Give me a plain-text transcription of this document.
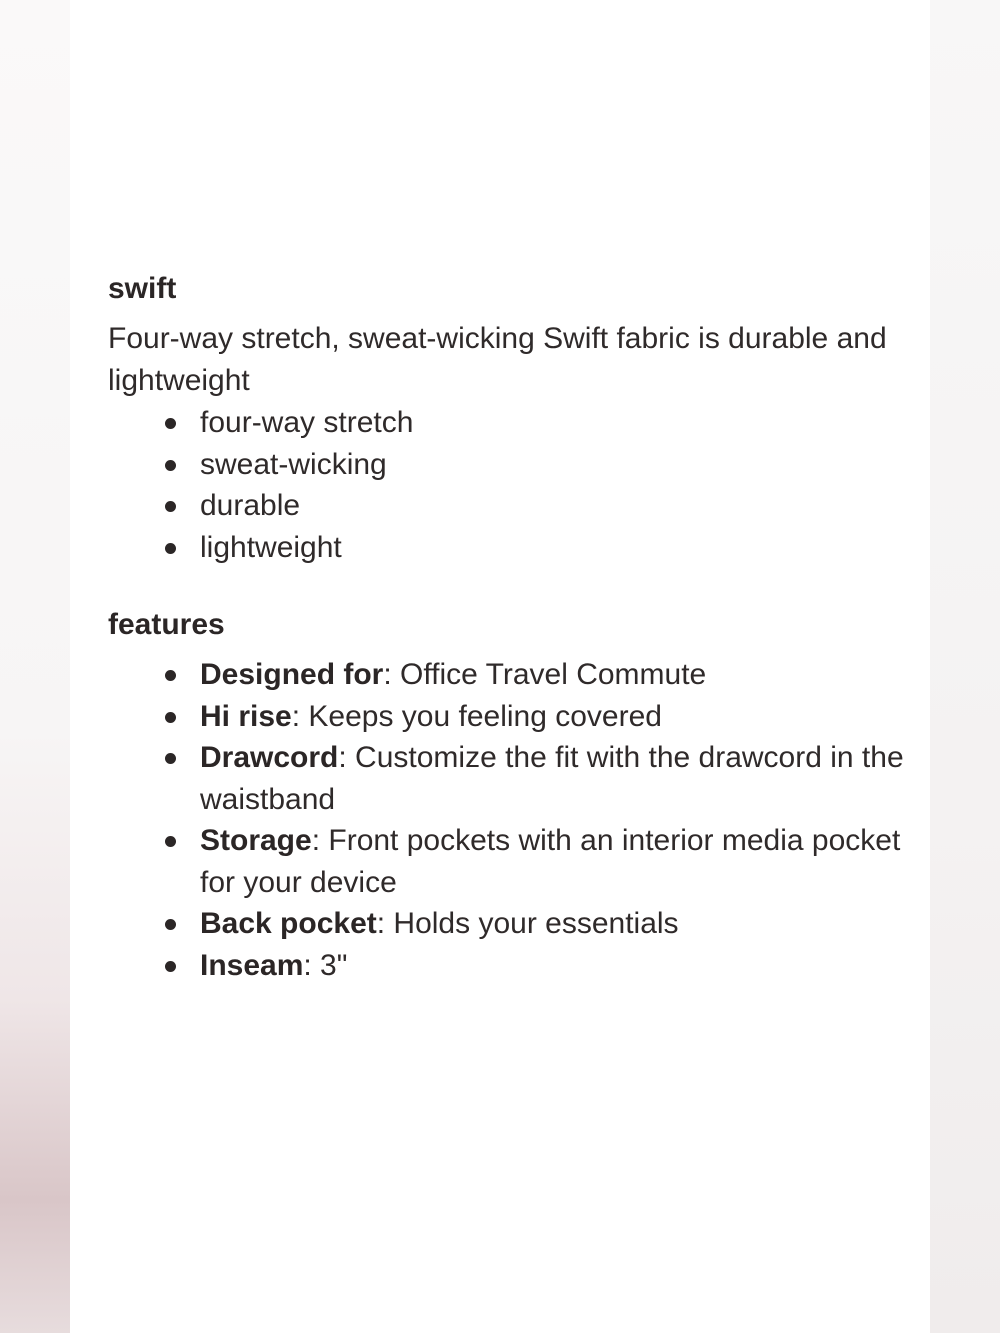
swift

Four-way stretch, sweat-wicking Swift fabric is durable and lightweight

four-way stretch
sweat-wicking
durable
lightweight
features
Designed for: Office Travel Commute
Hi rise: Keeps you feeling covered
Drawcord: Customize the fit with the drawcord in the waistband
Storage: Front pockets with an interior media pocket for your device
Back pocket: Holds your essentials
Inseam: 3"
